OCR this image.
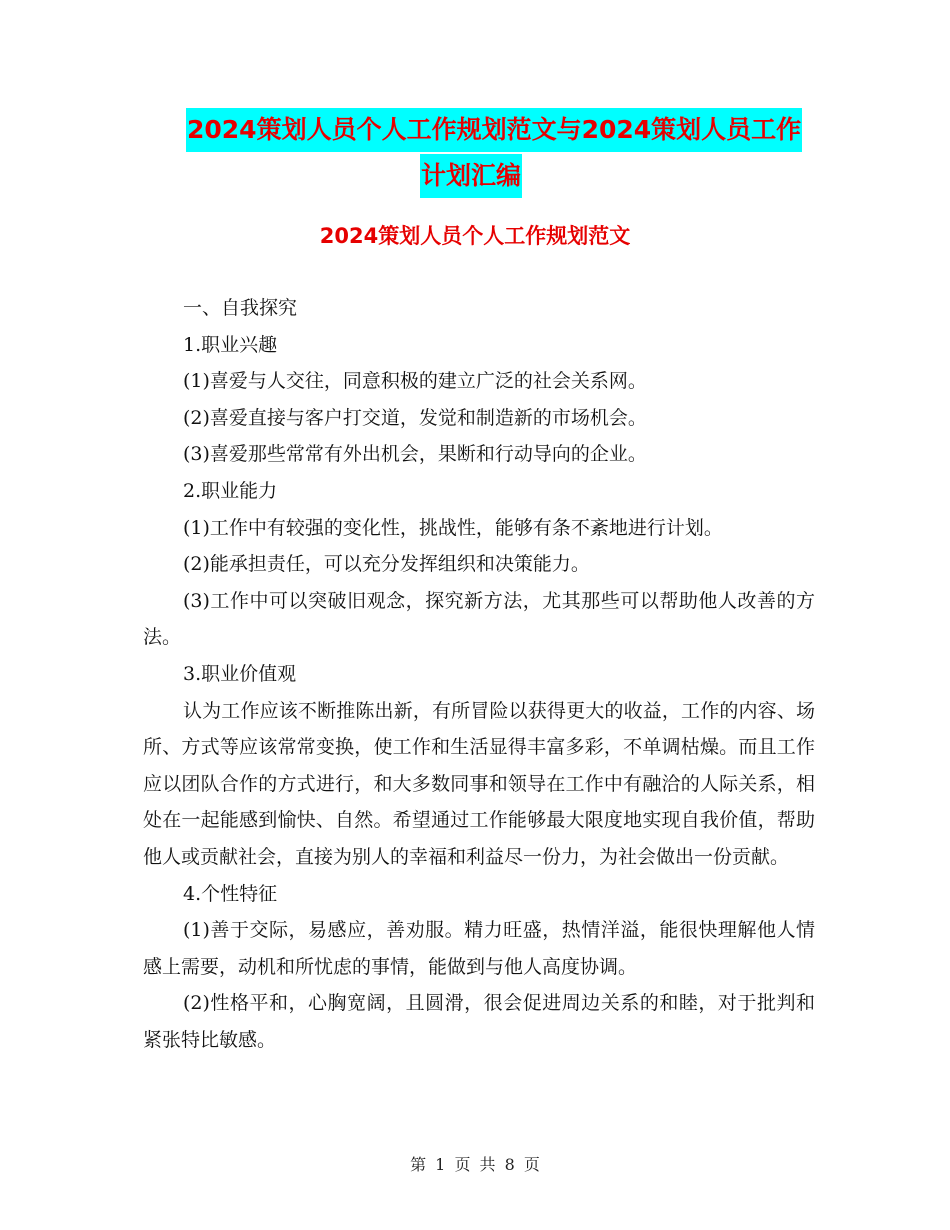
2024策划人员个人工作规划范文与2024策划人员工作
计划汇编
2024策划人员个人工作规划范文

一、自我探究

1.职业兴趣

(1)喜爱与人交往，同意积极的建立广泛的社会关系网。

(2)喜爱直接与客户打交道，发觉和制造新的市场机会。

(3)喜爱那些常常有外出机会，果断和行动导向的企业。

2.职业能力

(1)工作中有较强的变化性，挑战性，能够有条不紊地进行计划。

(2)能承担责任，可以充分发挥组织和决策能力。

(3)工作中可以突破旧观念，探究新方法，尤其那些可以帮助他人改善的方法。

3.职业价值观

认为工作应该不断推陈出新，有所冒险以获得更大的收益，工作的内容、场所、方式等应该常常变换，使工作和生活显得丰富多彩，不单调枯燥。而且工作应以团队合作的方式进行，和大多数同事和领导在工作中有融洽的人际关系，相处在一起能感到愉快、自然。希望通过工作能够最大限度地实现自我价值，帮助他人或贡献社会，直接为别人的幸福和利益尽一份力，为社会做出一份贡献。

4.个性特征

(1)善于交际，易感应，善劝服。精力旺盛，热情洋溢，能很快理解他人情感上需要，动机和所忧虑的事情，能做到与他人高度协调。

(2)性格平和，心胸宽阔，且圆滑，很会促进周边关系的和睦，对于批判和紧张特比敏感。

第 1 页 共 8 页
